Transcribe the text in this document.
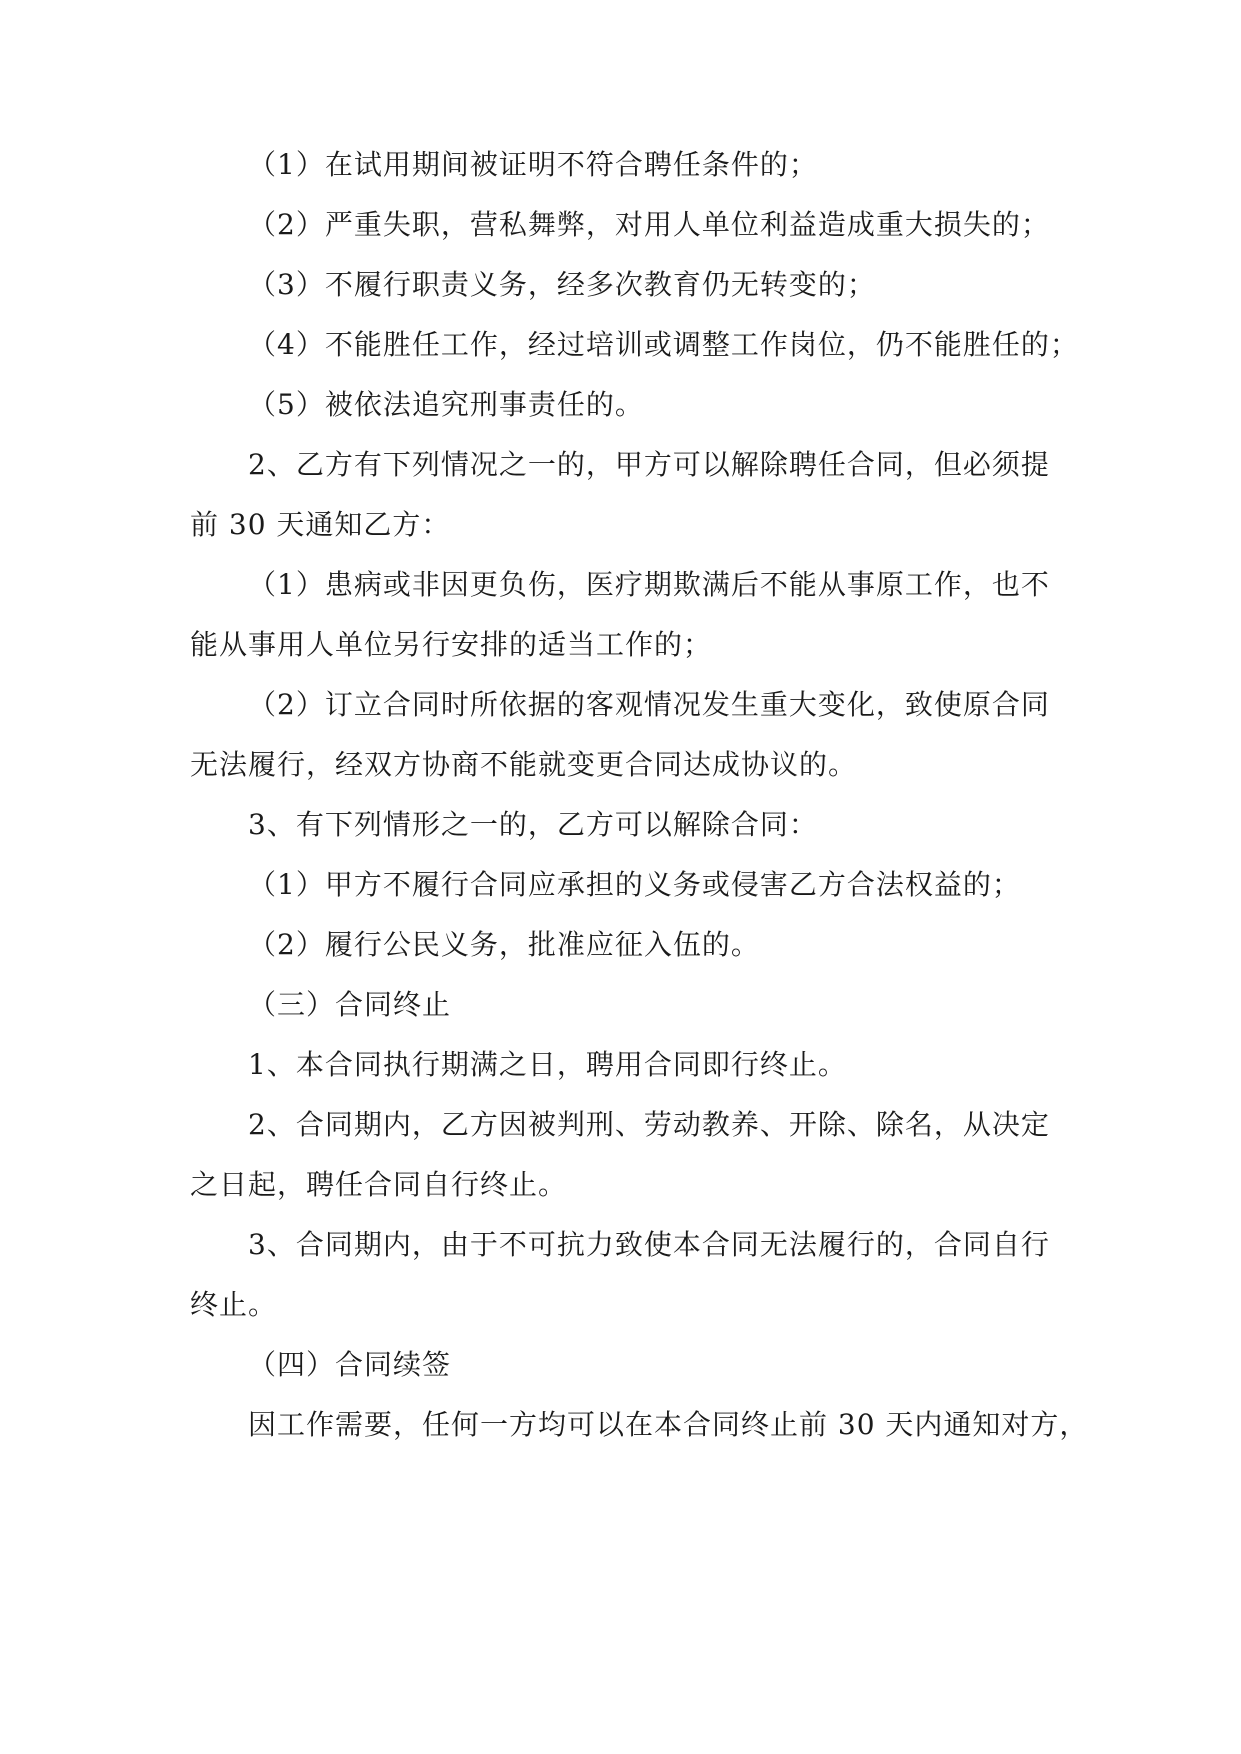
（1）在试用期间被证明不符合聘任条件的；
（2）严重失职，营私舞弊，对用人单位利益造成重大损失的；
（3）不履行职责义务，经多次教育仍无转变的；
（4）不能胜任工作，经过培训或调整工作岗位，仍不能胜任的；
（5）被依法追究刑事责任的。
2、乙方有下列情况之一的，甲方可以解除聘任合同，但必须提
前 30 天通知乙方：
（1）患病或非因更负伤，医疗期欺满后不能从事原工作，也不
能从事用人单位另行安排的适当工作的；
（2）订立合同时所依据的客观情况发生重大变化，致使原合同
无法履行，经双方协商不能就变更合同达成协议的。
3、有下列情形之一的，乙方可以解除合同：
（1）甲方不履行合同应承担的义务或侵害乙方合法权益的；
（2）履行公民义务，批准应征入伍的。
（三）合同终止
1、本合同执行期满之日，聘用合同即行终止。
2、合同期内，乙方因被判刑、劳动教养、开除、除名，从决定
之日起，聘任合同自行终止。
3、合同期内，由于不可抗力致使本合同无法履行的，合同自行
终止。
（四）合同续签
因工作需要，任何一方均可以在本合同终止前 30 天内通知对方，
